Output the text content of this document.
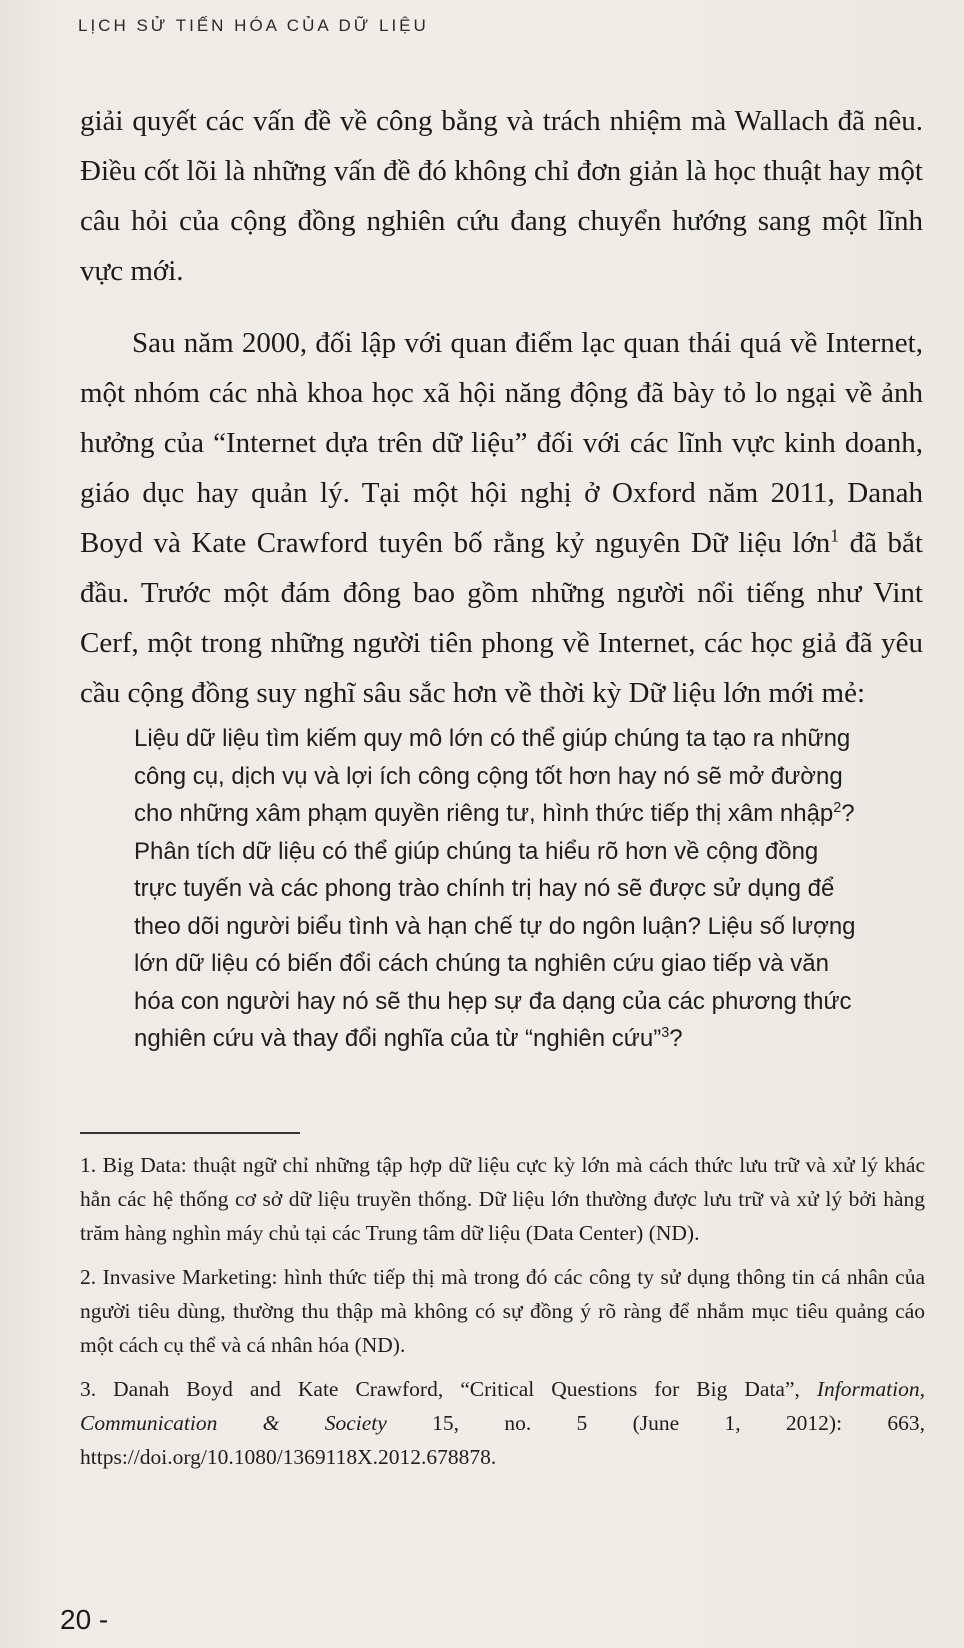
LỊCH SỬ TIẾN HÓA CỦA DỮ LIỆU

giải quyết các vấn đề về công bằng và trách nhiệm mà Wallach đã nêu. Điều cốt lõi là những vấn đề đó không chỉ đơn giản là học thuật hay một câu hỏi của cộng đồng nghiên cứu đang chuyển hướng sang một lĩnh vực mới.

Sau năm 2000, đối lập với quan điểm lạc quan thái quá về Internet, một nhóm các nhà khoa học xã hội năng động đã bày tỏ lo ngại về ảnh hưởng của “Internet dựa trên dữ liệu” đối với các lĩnh vực kinh doanh, giáo dục hay quản lý. Tại một hội nghị ở Oxford năm 2011, Danah Boyd và Kate Crawford tuyên bố rằng kỷ nguyên Dữ liệu lớn$^1$ đã bắt đầu. Trước một đám đông bao gồm những người nổi tiếng như Vint Cerf, một trong những người tiên phong về Internet, các học giả đã yêu cầu cộng đồng suy nghĩ sâu sắc hơn về thời kỳ Dữ liệu lớn mới mẻ:

Liệu dữ liệu tìm kiếm quy mô lớn có thể giúp chúng ta tạo ra những công cụ, dịch vụ và lợi ích công cộng tốt hơn hay nó sẽ mở đường cho những xâm phạm quyền riêng tư, hình thức tiếp thị xâm nhập$^2$? Phân tích dữ liệu có thể giúp chúng ta hiểu rõ hơn về cộng đồng trực tuyến và các phong trào chính trị hay nó sẽ được sử dụng để theo dõi người biểu tình và hạn chế tự do ngôn luận? Liệu số lượng lớn dữ liệu có biến đổi cách chúng ta nghiên cứu giao tiếp và văn hóa con người hay nó sẽ thu hẹp sự đa dạng của các phương thức nghiên cứu và thay đổi nghĩa của từ “nghiên cứu”$^3$?

1. Big Data: thuật ngữ chỉ những tập hợp dữ liệu cực kỳ lớn mà cách thức lưu trữ và xử lý khác hẳn các hệ thống cơ sở dữ liệu truyền thống. Dữ liệu lớn thường được lưu trữ và xử lý bởi hàng trăm hàng nghìn máy chủ tại các Trung tâm dữ liệu (Data Center) (ND).

2. Invasive Marketing: hình thức tiếp thị mà trong đó các công ty sử dụng thông tin cá nhân của người tiêu dùng, thường thu thập mà không có sự đồng ý rõ ràng để nhắm mục tiêu quảng cáo một cách cụ thể và cá nhân hóa (ND).

3. Danah Boyd and Kate Crawford, “Critical Questions for Big Data”, Information, Communication & Society 15, no. 5 (June 1, 2012): 663, https://doi.org/10.1080/1369118X.2012.678878.

20 -
